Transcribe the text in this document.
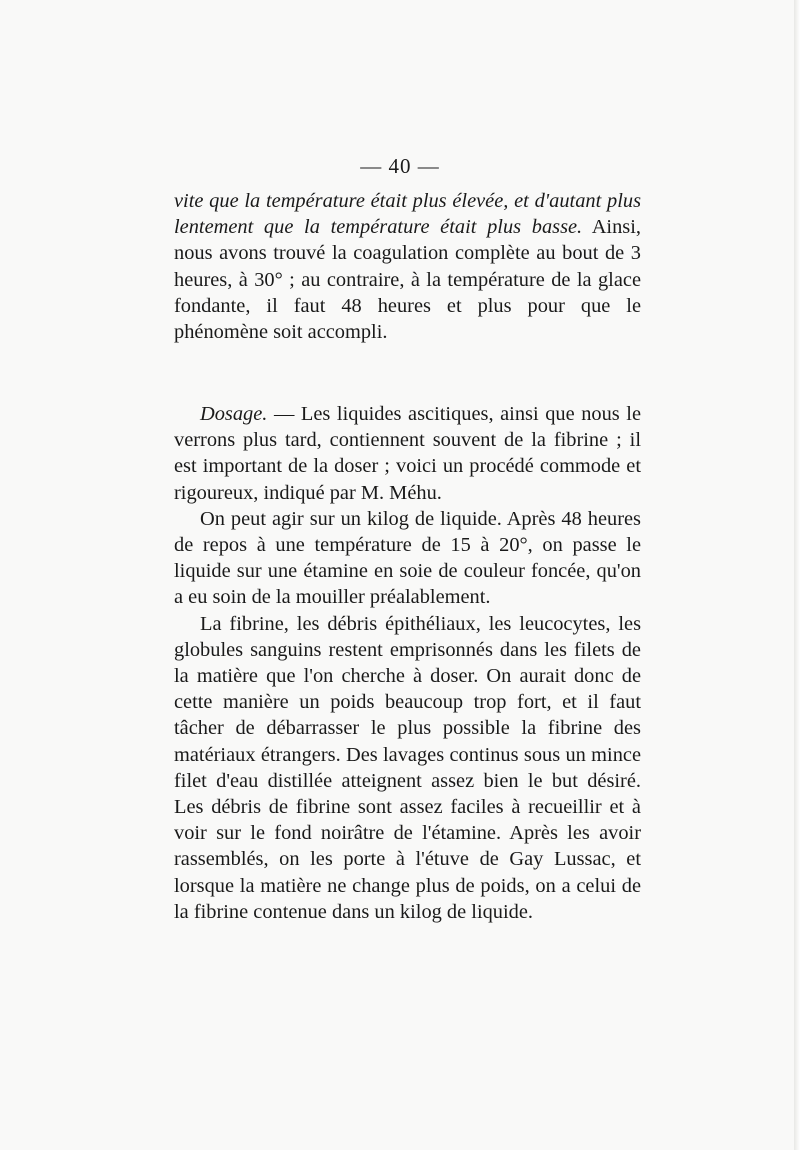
— 40 —

vite que la température était plus élevée, et d'autant plus lentement que la température était plus basse. Ainsi, nous avons trouvé la coagulation complète au bout de 3 heures, à 30° ; au contraire, à la température de la glace fondante, il faut 48 heures et plus pour que le phénomène soit accompli.

Dosage. — Les liquides ascitiques, ainsi que nous le verrons plus tard, contiennent souvent de la fibrine ; il est important de la doser ; voici un procédé commode et rigoureux, indiqué par M. Méhu.

On peut agir sur un kilog de liquide. Après 48 heures de repos à une température de 15 à 20°, on passe le liquide sur une étamine en soie de couleur foncée, qu'on a eu soin de la mouiller préalablement.

La fibrine, les débris épithéliaux, les leucocytes, les globules sanguins restent emprisonnés dans les filets de la matière que l'on cherche à doser. On aurait donc de cette manière un poids beaucoup trop fort, et il faut tâcher de débarrasser le plus possible la fibrine des matériaux étrangers. Des lavages continus sous un mince filet d'eau distillée atteignent assez bien le but désiré. Les débris de fibrine sont assez faciles à recueillir et à voir sur le fond noirâtre de l'étamine. Après les avoir rassemblés, on les porte à l'étuve de Gay Lussac, et lorsque la matière ne change plus de poids, on a celui de la fibrine contenue dans un kilog de liquide.
